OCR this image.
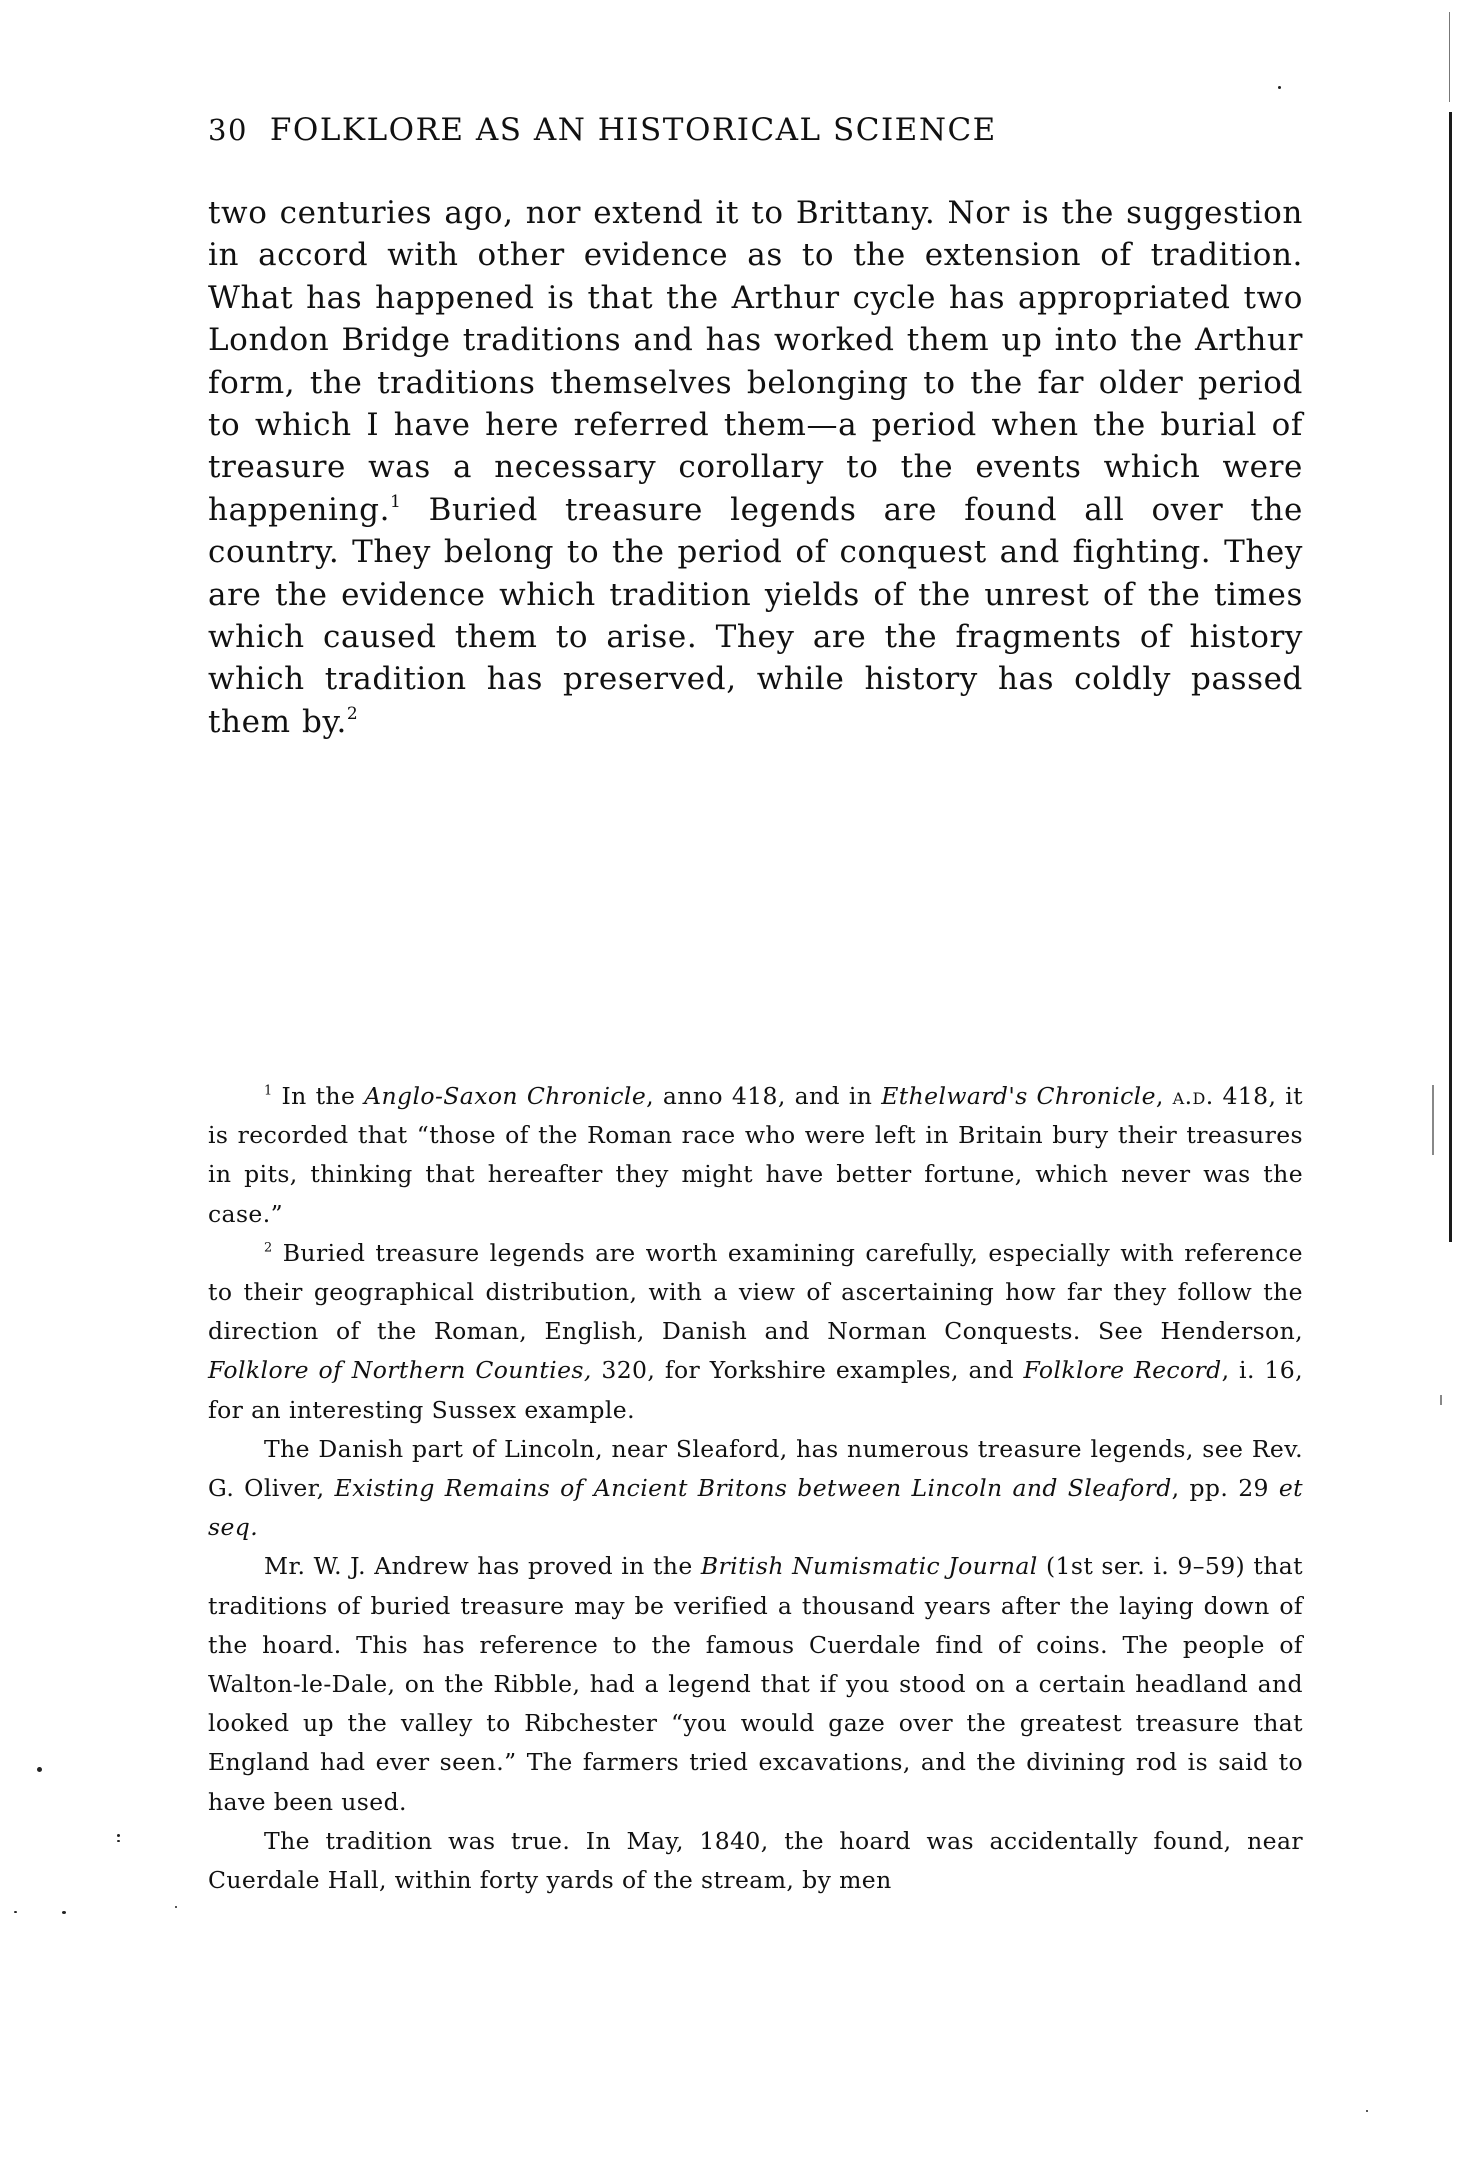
30 FOLKLORE AS AN HISTORICAL SCIENCE

two centuries ago, nor extend it to Brittany. Nor is the suggestion in accord with other evidence as to the extension of tradition. What has happened is that the Arthur cycle has appropriated two London Bridge traditions and has worked them up into the Arthur form, the traditions themselves belonging to the far older period to which I have here referred them—a period when the burial of treasure was a necessary corollary to the events which were happening.$^1$ Buried treasure legends are found all over the country. They belong to the period of conquest and fighting. They are the evidence which tradition yields of the unrest of the times which caused them to arise. They are the fragments of history which tradition has preserved, while history has coldly passed them by.$^2$

$^1$ In the Anglo-Saxon Chronicle, anno 418, and in Ethelward's Chronicle, a.d. 418, it is recorded that “those of the Roman race who were left in Britain bury their treasures in pits, thinking that hereafter they might have better fortune, which never was the case.”

$^2$ Buried treasure legends are worth examining carefully, especially with reference to their geographical distribution, with a view of ascertaining how far they follow the direction of the Roman, English, Danish and Norman Conquests. See Henderson, Folklore of Northern Counties, 320, for Yorkshire examples, and Folklore Record, i. 16, for an interesting Sussex example.

The Danish part of Lincoln, near Sleaford, has numerous treasure legends, see Rev. G. Oliver, Existing Remains of Ancient Britons between Lincoln and Sleaford, pp. 29 et seq.

Mr. W. J. Andrew has proved in the British Numismatic Journal (1st ser. i. 9–59) that traditions of buried treasure may be verified a thousand years after the laying down of the hoard. This has reference to the famous Cuerdale find of coins. The people of Walton-le-Dale, on the Ribble, had a legend that if you stood on a certain headland and looked up the valley to Ribchester “you would gaze over the greatest treasure that England had ever seen.” The farmers tried excavations, and the divining rod is said to have been used.

The tradition was true. In May, 1840, the hoard was accidentally found, near Cuerdale Hall, within forty yards of the stream, by men
